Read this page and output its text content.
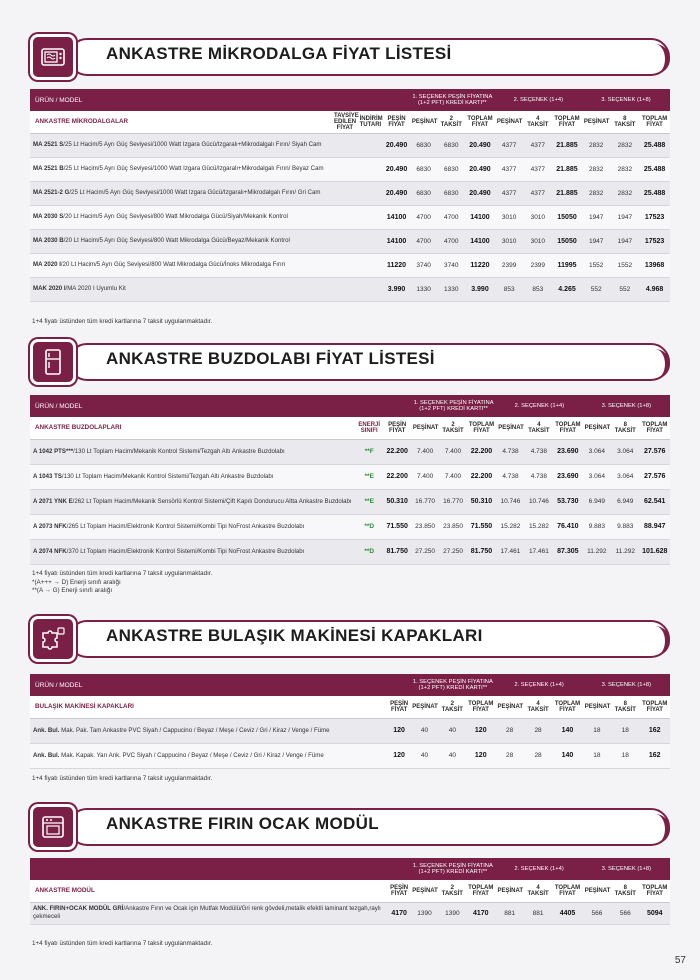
ANKASTRE MİKRODALGA FİYAT LİSTESİ
ÜRÜN / MODEL				1. SEÇENEK PEŞİN FİYATINA (1+2 PFT) KREDİ KARTI**			2. SEÇENEK (1+4)			3. SEÇENEK (1+8)		
ANKASTRE MİKRODALGALAR	TAVSİYE EDİLEN FİYAT	İNDİRİM TUTARI	PEŞİN FİYAT	PEŞİNAT	2 TAKSİT	TOPLAM FİYAT	PEŞİNAT	4 TAKSİT	TOPLAM FİYAT	PEŞİNAT	8 TAKSİT	TOPLAM FİYAT
MA 2521 S/25 Lt Hacim/5 Ayrı Güç Seviyesi/1000 Watt Izgara Gücü/Izgaralı+Mikrodalgalı Fırın/ Siyah Cam			20.490	6830	6830	20.490	4377	4377	21.885	2832	2832	25.488
MA 2521 B/25 Lt Hacim/5 Ayrı Güç Seviyesi/1000 Watt Izgara Gücü/Izgaralı+Mikrodalgalı Fırın/ Beyaz Cam			20.490	6830	6830	20.490	4377	4377	21.885	2832	2832	25.488
MA 2521-2 G/25 Lt Hacim/5 Ayrı Güç Seviyesi/1000 Watt Izgara Gücü/Izgaralı+Mikrodalgalı Fırın/ Gri Cam			20.490	6830	6830	20.490	4377	4377	21.885	2832	2832	25.488
MA 2030 S/20 Lt Hacim/5 Ayrı Güç Seviyesi/800 Watt Mikrodalga Gücü/Siyah/Mekanik Kontrol			14100	4700	4700	14100	3010	3010	15050	1947	1947	17523
MA 2030 B/20 Lt Hacim/5 Ayrı Güç Seviyesi/800 Watt Mikrodalga Gücü/Beyaz/Mekanik Kontrol			14100	4700	4700	14100	3010	3010	15050	1947	1947	17523
MA 2020 I/20 Lt Hacim/5 Ayrı Güç Seviyesi/800 Watt Mikrodalga Gücü/İnoks Mikrodalga Fırın			11220	3740	3740	11220	2399	2399	11995	1552	1552	13968
MAK 2020 I/MA 2020 I Uyumlu Kit			3.990	1330	1330	3.990	853	853	4.265	552	552	4.968
1+4 fiyatı üstünden tüm kredi kartlarına 7 taksit uygulanmaktadır.
ANKASTRE BUZDOLABI FİYAT LİSTESİ
ÜRÜN / MODEL			1. SEÇENEK PEŞİN FİYATINA (1+2 PFT) KREDİ KARTI**			2. SEÇENEK (1+4)			3. SEÇENEK (1+8)		
ANKASTRE BUZDOLAPLARI	ENERJİ SINIFI	PEŞİN FİYAT	PEŞİNAT	2 TAKSİT	TOPLAM FİYAT	PEŞİNAT	4 TAKSİT	TOPLAM FİYAT	PEŞİNAT	8 TAKSİT	TOPLAM FİYAT
A 1042 PTS***/130 Lt Toplam Hacim/Mekanik Kontrol Sistemi/Tezgah Altı Ankastre Buzdolabı	**F	22.200	7.400	7.400	22.200	4.738	4.738	23.690	3.064	3.064	27.576
A 1043 TS/130 Lt Toplam Hacim/Mekanik Kontrol Sistemi/Tezgah Altı Ankastre Buzdolabı	**E	22.200	7.400	7.400	22.200	4.738	4.738	23.690	3.064	3.064	27.576
A 2071 YNK E/262 Lt Toplam Hacim/Mekanik Sensörlü Kontrol Sistemi/Çift Kapılı Dondurucu Altta Ankastre Buzdolabı	**E	50.310	16.770	16.770	50.310	10.746	10.746	53.730	6.949	6.949	62.541
A 2073 NFK/265 Lt Toplam Hacim/Elektronik Kontrol Sistemi/Kombi Tipi NoFrost Ankastre Buzdolabı	**D	71.550	23.850	23.850	71.550	15.282	15.282	76.410	9.883	9.883	88.947
A 2074 NFK/370 Lt Toplam Hacim/Elektronik Kontrol Sistemi/Kombi Tipi NoFrost Ankastre Buzdolabı	**D	81.750	27.250	27.250	81.750	17.461	17.461	87.305	11.292	11.292	101.628
1+4 fiyatı üstünden tüm kredi kartlarına 7 taksit uygulanmaktadır.
*(A+++ → D) Enerji sınıfı aralığı
**(A → G) Enerji sınıfı aralığı
ANKASTRE BULAŞIK MAKİNESİ KAPAKLARI
ÜRÜN / MODEL		1. SEÇENEK PEŞİN FİYATINA (1+2 PFT) KREDİ KARTI**			2. SEÇENEK (1+4)			3. SEÇENEK (1+8)		
BULAŞIK MAKİNESİ KAPAKLARI	PEŞİN FİYAT	PEŞİNAT	2 TAKSİT	TOPLAM FİYAT	PEŞİNAT	4 TAKSİT	TOPLAM FİYAT	PEŞİNAT	8 TAKSİT	TOPLAM FİYAT
Ank. Bul. Mak. Pak. Tam Ankastre PVC Siyah / Cappucino / Beyaz / Meşe / Ceviz / Gri / Kiraz / Venge / Füme	120	40	40	120	28	28	140	18	18	162
Ank. Bul. Mak. Kapak. Yarı Ank. PVC Siyah / Cappucino / Beyaz / Meşe / Ceviz / Gri / Kiraz / Venge / Füme	120	40	40	120	28	28	140	18	18	162
1+4 fiyatı üstünden tüm kredi kartlarına 7 taksit uygulanmaktadır.
ANKASTRE FIRIN OCAK MODÜL
		1. SEÇENEK PEŞİN FİYATINA (1+2 PFT) KREDİ KARTI**			2. SEÇENEK (1+4)			3. SEÇENEK (1+8)		
ANKASTRE MODÜL	PEŞİN FİYAT	PEŞİNAT	2 TAKSİT	TOPLAM FİYAT	PEŞİNAT	4 TAKSİT	TOPLAM FİYAT	PEŞİNAT	8 TAKSİT	TOPLAM FİYAT
ANK. FIRIN+OCAK MODÜL GRİ/Ankastre Fırın ve Ocak için Mutfak Modülü/Gri renk gövdeli,metalik efektli laminant tezgah,raylı çekmeceli	4170	1390	1390	4170	881	881	4405	566	566	5094
1+4 fiyatı üstünden tüm kredi kartlarına 7 taksit uygulanmaktadır.
57
